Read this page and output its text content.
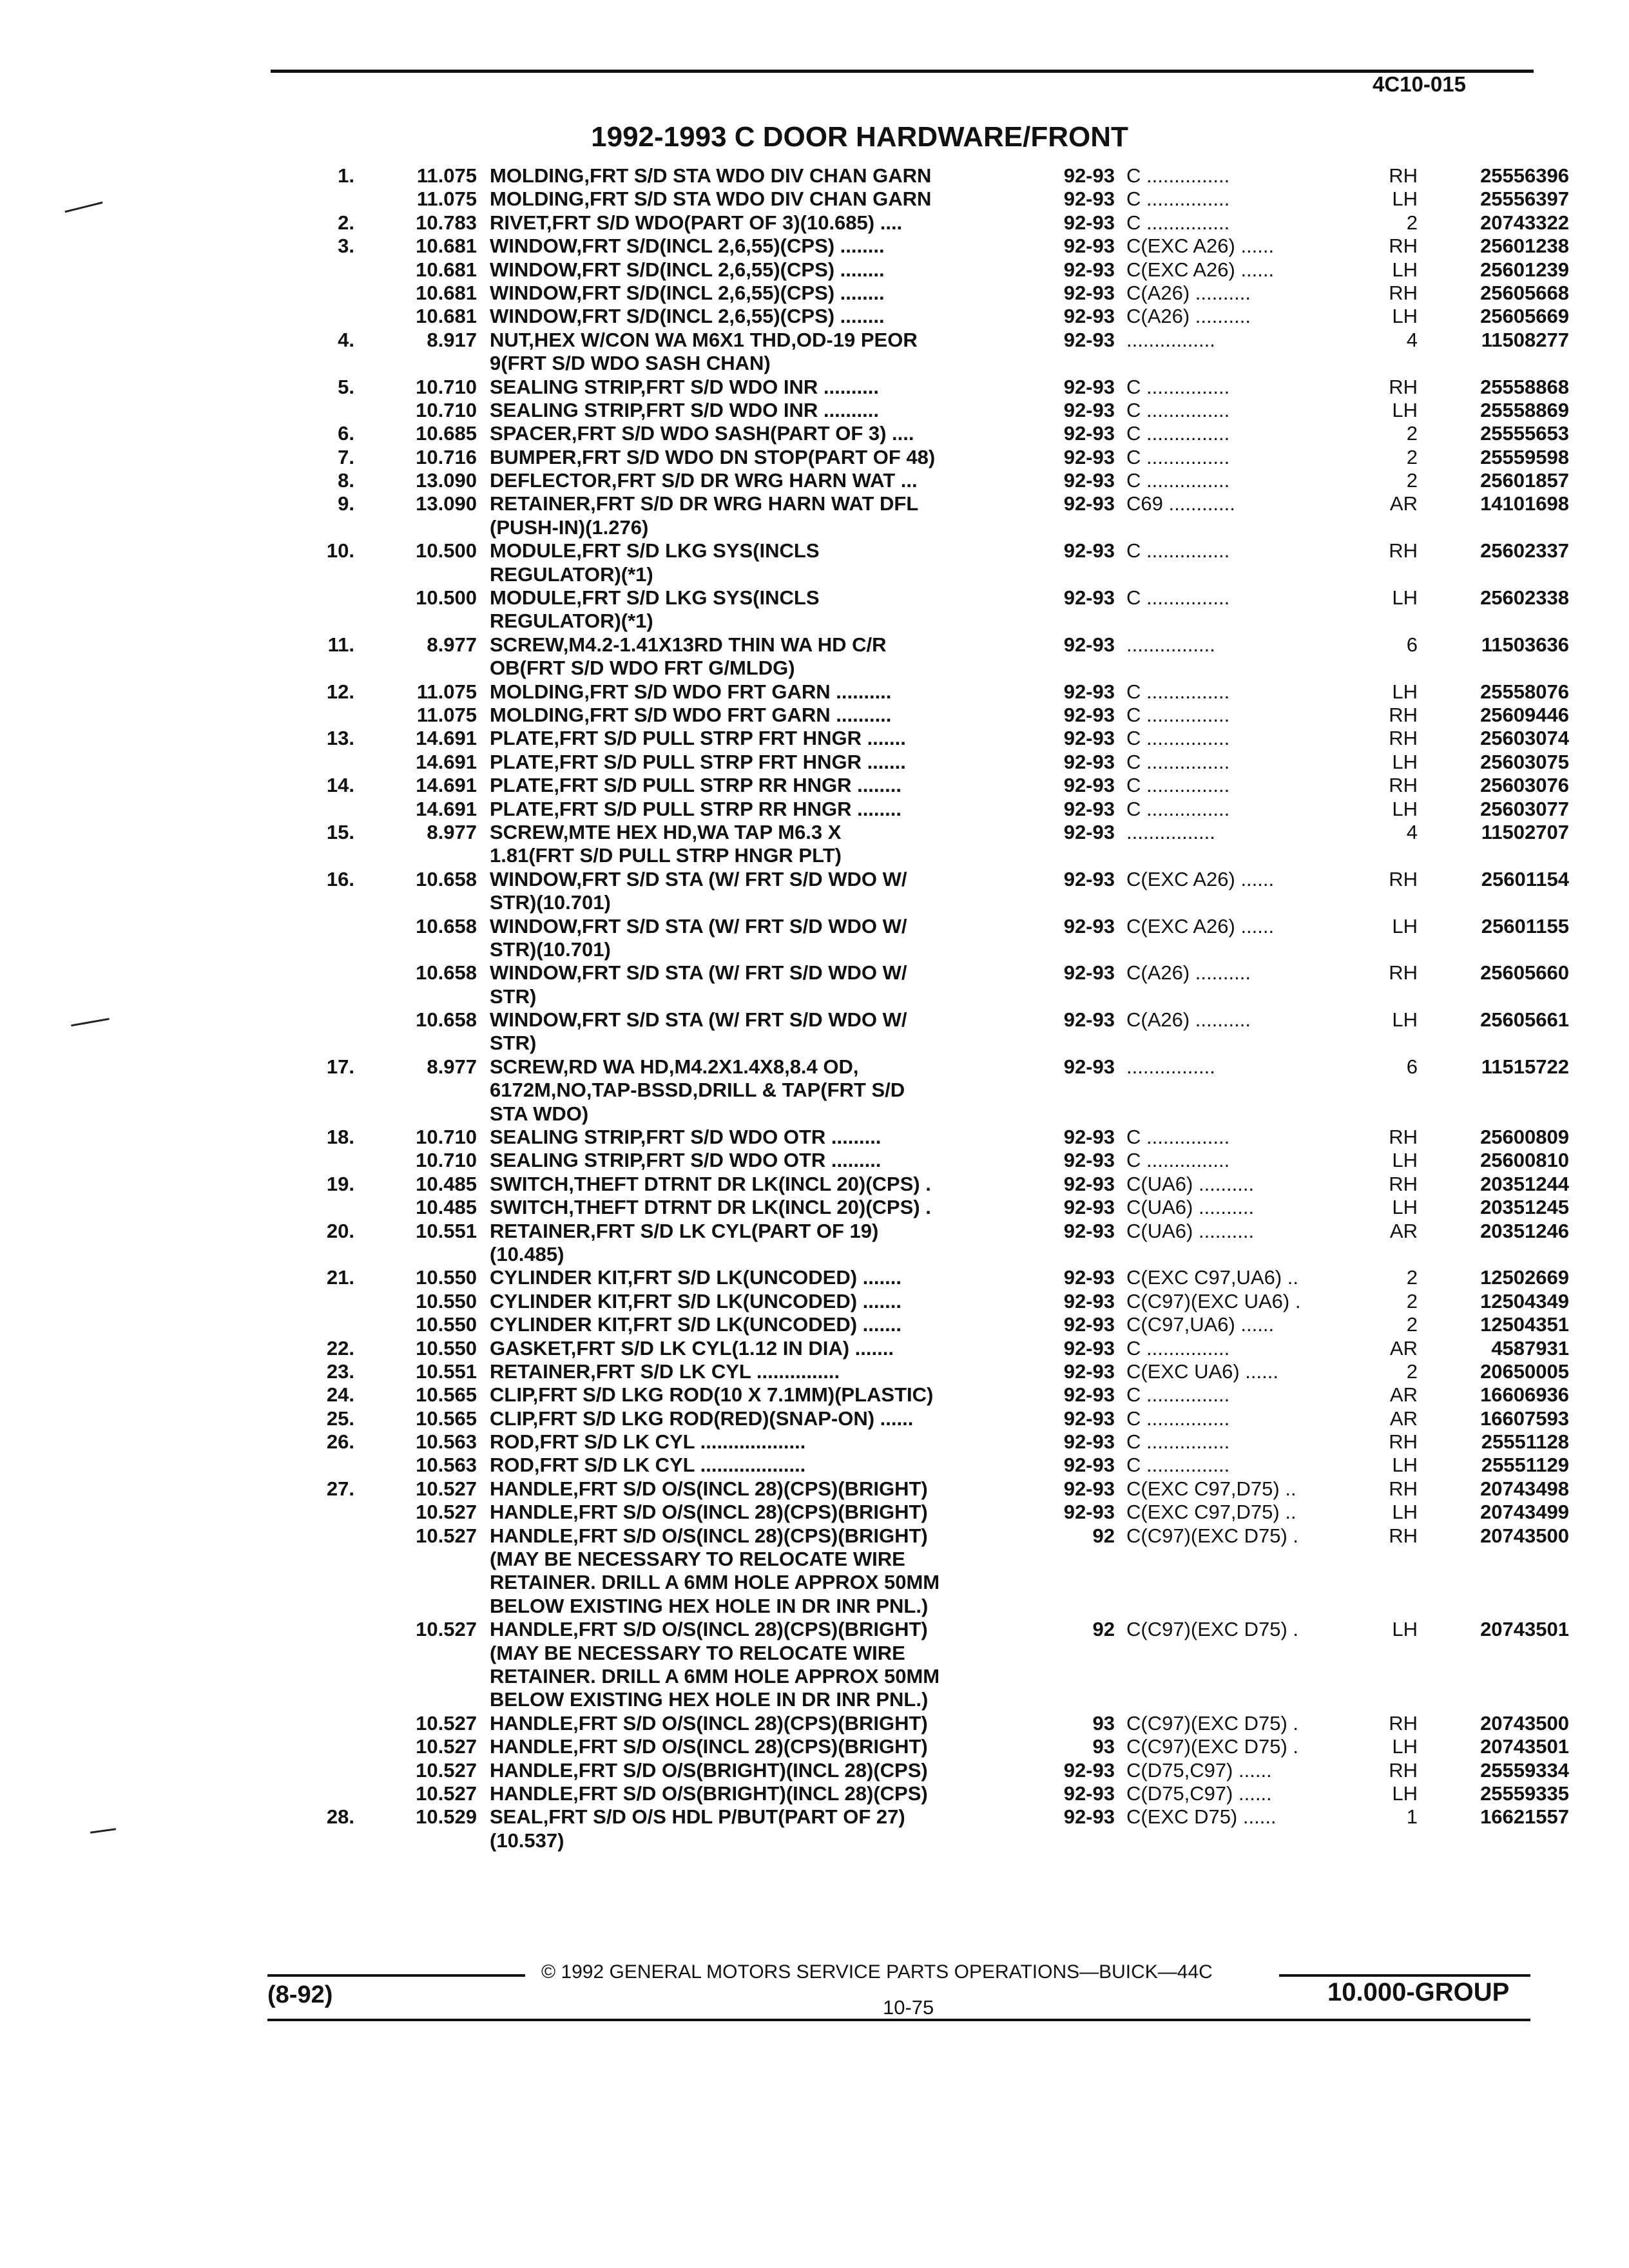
4C10-015
1992-1993 C DOOR HARDWARE/FRONT
1.	11.075 MOLDING,FRT S/D STA WDO DIV CHAN GARN	92-93 C ...............	RH	25556396
11.075 MOLDING,FRT S/D STA WDO DIV CHAN GARN	92-93 C ...............	LH	25556397
2.	10.783 RIVET,FRT S/D WDO(PART OF 3)(10.685) ....	92-93 C ...............	2	20743322
3.	10.681 WINDOW,FRT S/D(INCL 2,6,55)(CPS) ........	92-93 C(EXC A26) ......	RH	25601238
10.681 WINDOW,FRT S/D(INCL 2,6,55)(CPS) ........	92-93 C(EXC A26) ......	LH	25601239
10.681 WINDOW,FRT S/D(INCL 2,6,55)(CPS) ........	92-93 C(A26) ..........	RH	25605668
10.681 WINDOW,FRT S/D(INCL 2,6,55)(CPS) ........	92-93 C(A26) ..........	LH	25605669
4.	8.917 NUT,HEX W/CON WA M6X1 THD,OD-19 PEOR	92-93 ................	4	11508277
9(FRT S/D WDO SASH CHAN)
5.	10.710 SEALING STRIP,FRT S/D WDO INR ..........	92-93 C ...............	RH	25558868
10.710 SEALING STRIP,FRT S/D WDO INR ..........	92-93 C ...............	LH	25558869
6.	10.685 SPACER,FRT S/D WDO SASH(PART OF 3) ....	92-93 C ...............	2	25555653
7.	10.716 BUMPER,FRT S/D WDO DN STOP(PART OF 48)	92-93 C ...............	2	25559598
8.	13.090 DEFLECTOR,FRT S/D DR WRG HARN WAT ...	92-93 C ...............	2	25601857
9.	13.090 RETAINER,FRT S/D DR WRG HARN WAT DFL	92-93 C69 ............	AR	14101698
(PUSH-IN)(1.276)
10.	10.500 MODULE,FRT S/D LKG SYS(INCLS	92-93 C ...............	RH	25602337
REGULATOR)(*1)
10.500 MODULE,FRT S/D LKG SYS(INCLS	92-93 C ...............	LH	25602338
REGULATOR)(*1)
11.	8.977 SCREW,M4.2-1.41X13RD THIN WA HD C/R	92-93 ................	6	11503636
OB(FRT S/D WDO FRT G/MLDG)
12.	11.075 MOLDING,FRT S/D WDO FRT GARN ..........	92-93 C ...............	LH	25558076
11.075 MOLDING,FRT S/D WDO FRT GARN ..........	92-93 C ...............	RH	25609446
13.	14.691 PLATE,FRT S/D PULL STRP FRT HNGR .......	92-93 C ...............	RH	25603074
14.691 PLATE,FRT S/D PULL STRP FRT HNGR .......	92-93 C ...............	LH	25603075
14.	14.691 PLATE,FRT S/D PULL STRP RR HNGR ........	92-93 C ...............	RH	25603076
14.691 PLATE,FRT S/D PULL STRP RR HNGR ........	92-93 C ...............	LH	25603077
15.	8.977 SCREW,MTE HEX HD,WA TAP M6.3 X	92-93 ................	4	11502707
1.81(FRT S/D PULL STRP HNGR PLT)
16.	10.658 WINDOW,FRT S/D STA (W/ FRT S/D WDO W/	92-93 C(EXC A26) ......	RH	25601154
STR)(10.701)
10.658 WINDOW,FRT S/D STA (W/ FRT S/D WDO W/	92-93 C(EXC A26) ......	LH	25601155
STR)(10.701)
10.658 WINDOW,FRT S/D STA (W/ FRT S/D WDO W/	92-93 C(A26) ..........	RH	25605660
STR)
10.658 WINDOW,FRT S/D STA (W/ FRT S/D WDO W/	92-93 C(A26) ..........	LH	25605661
STR)
17.	8.977 SCREW,RD WA HD,M4.2X1.4X8,8.4 OD,	92-93 ................	6	11515722
6172M,NO,TAP-BSSD,DRILL & TAP(FRT S/D
STA WDO)
18.	10.710 SEALING STRIP,FRT S/D WDO OTR .........	92-93 C ...............	RH	25600809
10.710 SEALING STRIP,FRT S/D WDO OTR .........	92-93 C ...............	LH	25600810
19.	10.485 SWITCH,THEFT DTRNT DR LK(INCL 20)(CPS) .	92-93 C(UA6) ..........	RH	20351244
10.485 SWITCH,THEFT DTRNT DR LK(INCL 20)(CPS) .	92-93 C(UA6) ..........	LH	20351245
20.	10.551 RETAINER,FRT S/D LK CYL(PART OF 19)	92-93 C(UA6) ..........	AR	20351246
(10.485)
21.	10.550 CYLINDER KIT,FRT S/D LK(UNCODED) .......	92-93 C(EXC C97,UA6) ..	2	12502669
10.550 CYLINDER KIT,FRT S/D LK(UNCODED) .......	92-93 C(C97)(EXC UA6) .	2	12504349
10.550 CYLINDER KIT,FRT S/D LK(UNCODED) .......	92-93 C(C97,UA6) ......	2	12504351
22.	10.550 GASKET,FRT S/D LK CYL(1.12 IN DIA) .......	92-93 C ...............	AR	4587931
23.	10.551 RETAINER,FRT S/D LK CYL ...............	92-93 C(EXC UA6) ......	2	20650005
24.	10.565 CLIP,FRT S/D LKG ROD(10 X 7.1MM)(PLASTIC)	92-93 C ...............	AR	16606936
25.	10.565 CLIP,FRT S/D LKG ROD(RED)(SNAP-ON) ......	92-93 C ...............	AR	16607593
26.	10.563 ROD,FRT S/D LK CYL ...................	92-93 C ...............	RH	25551128
10.563 ROD,FRT S/D LK CYL ...................	92-93 C ...............	LH	25551129
27.	10.527 HANDLE,FRT S/D O/S(INCL 28)(CPS)(BRIGHT)	92-93 C(EXC C97,D75) ..	RH	20743498
10.527 HANDLE,FRT S/D O/S(INCL 28)(CPS)(BRIGHT)	92-93 C(EXC C97,D75) ..	LH	20743499
10.527 HANDLE,FRT S/D O/S(INCL 28)(CPS)(BRIGHT)	92 C(C97)(EXC D75) .	RH	20743500
(MAY BE NECESSARY TO RELOCATE WIRE
RETAINER. DRILL A 6MM HOLE APPROX 50MM
BELOW EXISTING HEX HOLE IN DR INR PNL.)
10.527 HANDLE,FRT S/D O/S(INCL 28)(CPS)(BRIGHT)	92 C(C97)(EXC D75) .	LH	20743501
(MAY BE NECESSARY TO RELOCATE WIRE
RETAINER. DRILL A 6MM HOLE APPROX 50MM
BELOW EXISTING HEX HOLE IN DR INR PNL.)
10.527 HANDLE,FRT S/D O/S(INCL 28)(CPS)(BRIGHT)	93 C(C97)(EXC D75) .	RH	20743500
10.527 HANDLE,FRT S/D O/S(INCL 28)(CPS)(BRIGHT)	93 C(C97)(EXC D75) .	LH	20743501
10.527 HANDLE,FRT S/D O/S(BRIGHT)(INCL 28)(CPS)	92-93 C(D75,C97) ......	RH	25559334
10.527 HANDLE,FRT S/D O/S(BRIGHT)(INCL 28)(CPS)	92-93 C(D75,C97) ......	LH	25559335
28.	10.529 SEAL,FRT S/D O/S HDL P/BUT(PART OF 27)	92-93 C(EXC D75) ......	1	16621557
(10.537)
© 1992 GENERAL MOTORS SERVICE PARTS OPERATIONS—BUICK—44C
(8-92)	10-75
10.000-GROUP
